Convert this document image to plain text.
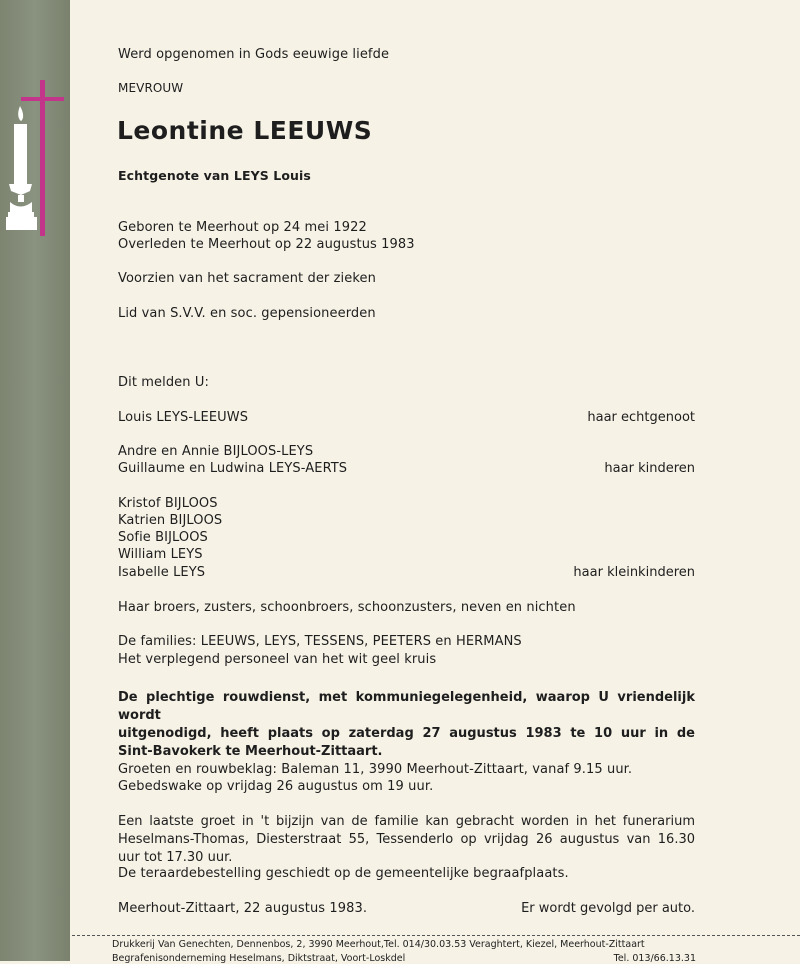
Werd opgenomen in Gods eeuwige liefde
MEVROUW
Leontine LEEUWS
Echtgenote van LEYS Louis
Geboren te Meerhout op 24 mei 1922
Overleden te Meerhout op 22 augustus 1983
Voorzien van het sacrament der zieken
Lid van S.V.V. en soc. gepensioneerden
Dit melden U:
Louis LEYS-LEEUWS	haar echtgenoot
Andre en Annie BIJLOOS-LEYS
Guillaume en Ludwina LEYS-AERTS	haar kinderen
Kristof BIJLOOS
Katrien BIJLOOS
Sofie BIJLOOS
William LEYS
Isabelle LEYS	haar kleinkinderen
Haar broers, zusters, schoonbroers, schoonzusters, neven en nichten
De families: LEEUWS, LEYS, TESSENS, PEETERS en HERMANS
Het verplegend personeel van het wit geel kruis
De plechtige rouwdienst, met kommuniegelegenheid, waarop U vriendelijk wordt
uitgenodigd, heeft plaats op zaterdag 27 augustus 1983 te 10 uur in de
Sint-Bavokerk te Meerhout-Zittaart.
Groeten en rouwbeklag: Baleman 11, 3990 Meerhout-Zittaart, vanaf 9.15 uur.
Gebedswake op vrijdag 26 augustus om 19 uur.
Een laatste groet in 't bijzijn van de familie kan gebracht worden in het funerarium
Heselmans-Thomas, Diesterstraat 55, Tessenderlo op vrijdag 26 augustus van 16.30
uur tot 17.30 uur.
De teraardebestelling geschiedt op de gemeentelijke begraafplaats.
Meerhout-Zittaart, 22 augustus 1983.	Er wordt gevolgd per auto.
Drukkerij Van Genechten, Dennenbos, 2, 3990 Meerhout,Tel. 014/30.03.53 Veraghtert, Kiezel, Meerhout-Zittaart
Begrafenisonderneming Heselmans, Diktstraat, Voort-Loskdel	Tel. 013/66.13.31
